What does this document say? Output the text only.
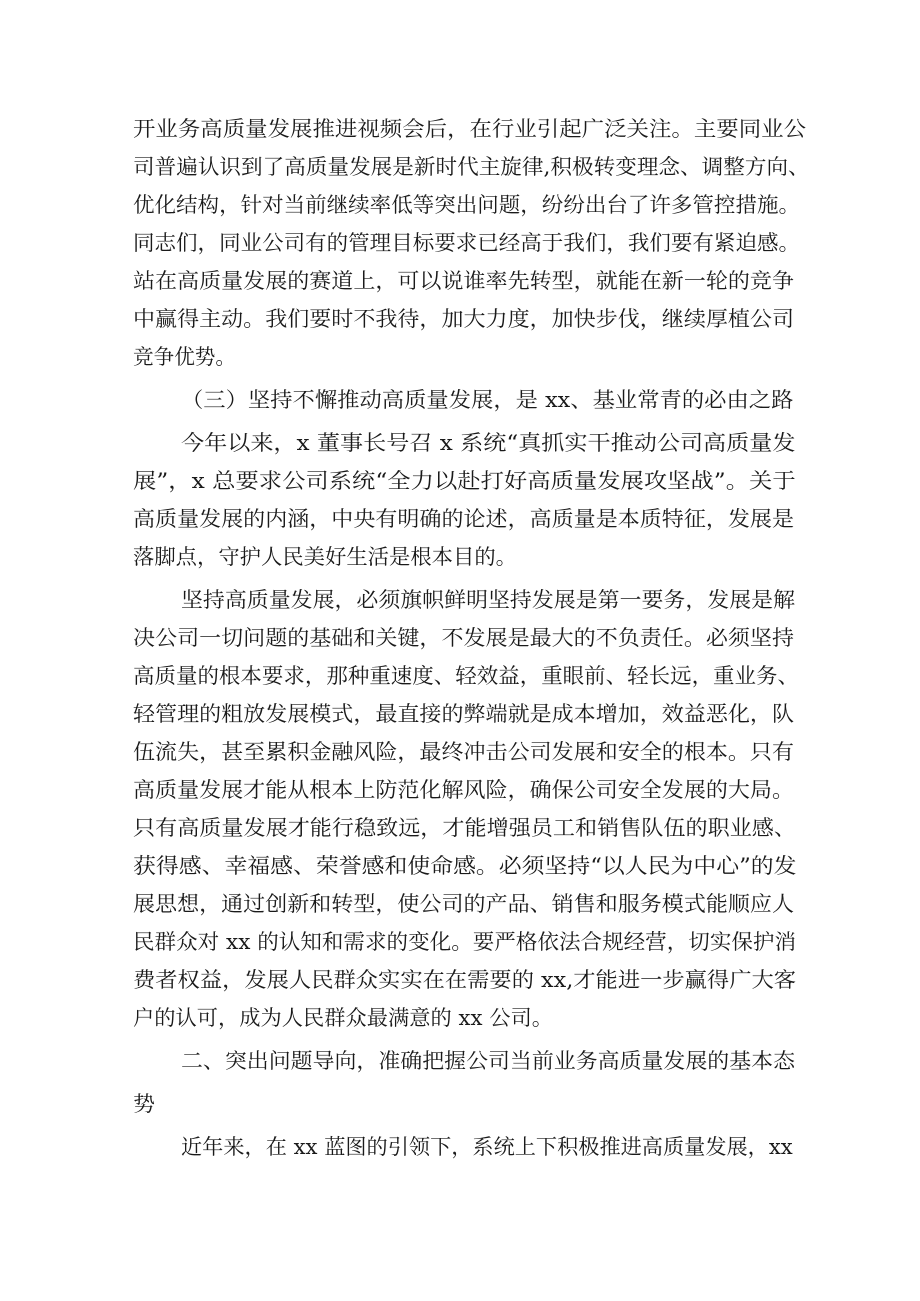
开业务高质量发展推进视频会后，在行业引起广泛关注。主要同业公
司普遍认识到了高质量发展是新时代主旋律,积极转变理念、调整方向、
优化结构，针对当前继续率低等突出问题，纷纷出台了许多管控措施。
同志们，同业公司有的管理目标要求已经高于我们，我们要有紧迫感。
站在高质量发展的赛道上，可以说谁率先转型，就能在新一轮的竞争
中赢得主动。我们要时不我待，加大力度，加快步伐，继续厚植公司
竞争优势。
（三）坚持不懈推动高质量发展，是 xx、基业常青的必由之路
今年以来，x 董事长号召 x 系统“真抓实干推动公司高质量发
展”，x 总要求公司系统“全力以赴打好高质量发展攻坚战”。关于
高质量发展的内涵，中央有明确的论述，高质量是本质特征，发展是
落脚点，守护人民美好生活是根本目的。
坚持高质量发展，必须旗帜鲜明坚持发展是第一要务，发展是解
决公司一切问题的基础和关键，不发展是最大的不负责任。必须坚持
高质量的根本要求，那种重速度、轻效益，重眼前、轻长远，重业务、
轻管理的粗放发展模式，最直接的弊端就是成本增加，效益恶化，队
伍流失，甚至累积金融风险，最终冲击公司发展和安全的根本。只有
高质量发展才能从根本上防范化解风险，确保公司安全发展的大局。
只有高质量发展才能行稳致远，才能增强员工和销售队伍的职业感、
获得感、幸福感、荣誉感和使命感。必须坚持“以人民为中心”的发
展思想，通过创新和转型，使公司的产品、销售和服务模式能顺应人
民群众对 xx 的认知和需求的变化。要严格依法合规经营，切实保护消
费者权益，发展人民群众实实在在需要的 xx,才能进一步赢得广大客
户的认可，成为人民群众最满意的 xx 公司。
二、突出问题导向，准确把握公司当前业务高质量发展的基本态
势
近年来，在 xx 蓝图的引领下，系统上下积极推进高质量发展，xx
